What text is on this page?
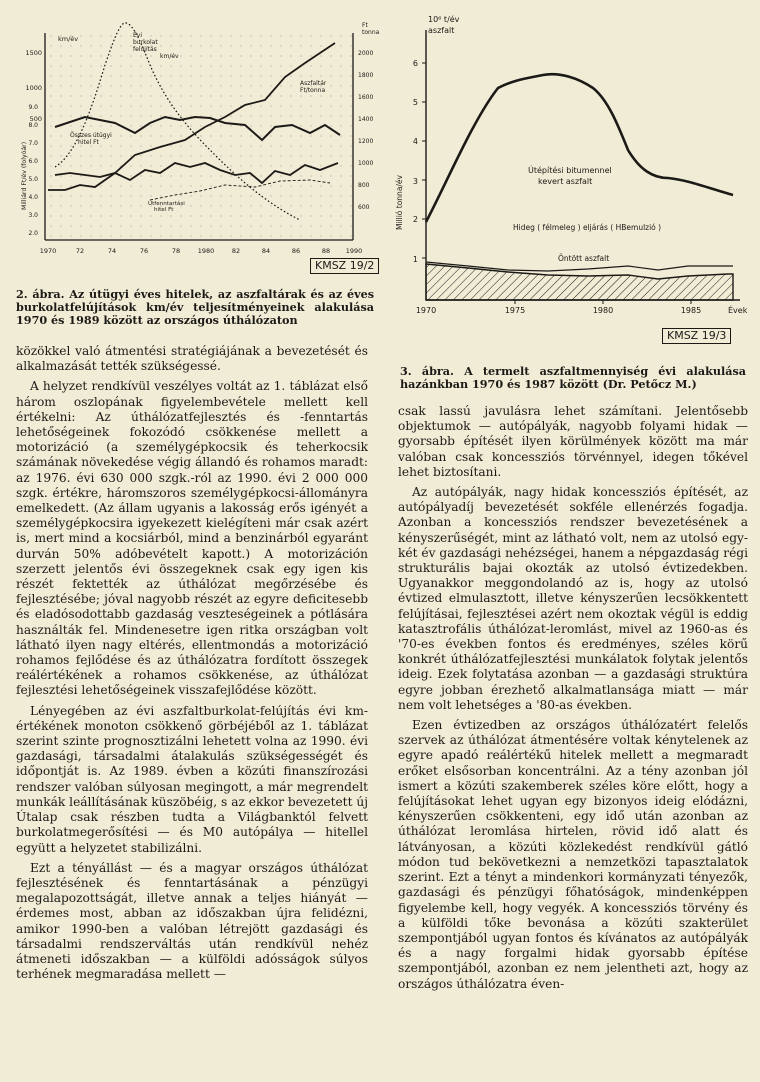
1500
1000
500
9.0
8.0
7.0
6.0
5.0
4.0
3.0
2.0
2000
1800
1600
1400
1200
1000
800
600
1970	72	74	76	78	1980	82	84	86	88 1990
km/év
Ft tonna
Milliárd Ft/év (folyóár)
Évi burkolat felújításkm/év
Aszfaltár Ft/tonna
Összes útügyi hitel Ft
Útfenntartási hitel Ft
KMSZ 19/2
2. ábra. Az útügyi éves hitelek, az aszfaltárak és az éves burkolatfelújítások km/év teljesítményeinek alakulása 1970 és 1989 között az országos úthálózaton
6
5
4
3
2
1
1970	1975	1980	1985	Évek
10⁶ t/év aszfalt
Millió tonna/év
Útépítési bitumennel kevert aszfalt
Hideg ( félmeleg ) eljárás ( HBemulzió )
Öntött aszfalt
KMSZ 19/3
3. ábra. A termelt aszfaltmennyiség évi alakulása hazánkban 1970 és 1987 között (Dr. Petőcz M.)

közökkel való átmentési stratégiájának a bevezetését és alkalmazását tették szükségessé.

A helyzet rendkívül veszélyes voltát az 1. táblázat első három oszlopának figyelembevétele mellett kell értékelni: Az úthálózatfejlesztés és -fenntartás lehetőségeinek fokozódó csökkenése mellett a motorizáció (a személygépkocsik és teherkocsik számának növekedése végig állandó és rohamos maradt: az 1976. évi 630 000 szgk.-ról az 1990. évi 2 000 000 szgk. értékre, háromszoros személygépkocsi-állományra emelkedett. (Az állam ugyanis a lakosság erős igényét a személygépkocsira igyekezett kielégíteni már csak azért is, mert mind a kocsiárból, mind a benzinárból egyaránt durván 50% adóbevételt kapott.) A motorizáción szerzett jelentős évi összegeknek csak egy igen kis részét fektették az úthálózat megőrzésébe és fejlesztésébe; jóval nagyobb részét az egyre deficitesebb és eladósodottabb gazdaság veszteségeinek a pótlására használták fel. Mindenesetre igen ritka országban volt látható ilyen nagy eltérés, ellentmondás a motorizáció rohamos fejlődése és az úthálózatra fordított összegek reálértékének a rohamos csökkenése, az úthálózat fejlesztési lehetőségeinek visszafejlődése között.

Lényegében az évi aszfaltburkolat-felújítás évi km-értékének monoton csökkenő görbéjéből az 1. táblázat szerint szinte prognosztizálni lehetett volna az 1990. évi gazdasági, társadalmi átalakulás szükségességét és időpontját is. Az 1989. évben a közúti finanszírozási rendszer valóban súlyosan megingott, a már megrendelt munkák leállításának küszöbéig, s az ekkor bevezetett új Útalap csak részben tudta a Világbanktól felvett burkolatmegerősítési — és M0 autópálya — hitellel együtt a helyzetet stabilizálni.

Ezt a tényállást — és a magyar országos úthálózat fejlesztésének és fenntartásának a pénzügyi megalapozottságát, illetve annak a teljes hiányát — érdemes most, abban az időszakban újra felidézni, amikor 1990-ben a valóban létrejött gazdasági és társadalmi rendszerváltás után rendkívül nehéz átmeneti időszakban — a külföldi adósságok súlyos terhének megmaradása mellett —

csak lassú javulásra lehet számítani. Jelentősebb objektumok — autópályák, nagyobb folyami hidak — gyorsabb építését ilyen körülmények között ma már valóban csak koncessziós törvénnyel, idegen tőkével lehet biztosítani.

Az autópályák, nagy hidak koncessziós építését, az autópályadíj bevezetését sokféle ellenérzés fogadja. Azonban a koncessziós rendszer bevezetésének a kényszerűségét, mint az látható volt, nem az utolsó egy-két év gazdasági nehézségei, hanem a népgazdaság régi strukturális bajai okozták az utolsó évtizedekben. Ugyanakkor meggondolandó az is, hogy az utolsó évtized elmulasztott, illetve kényszerűen lecsökkentett felújításai, fejlesztései azért nem okoztak végül is eddig katasztrofális úthálózat-leromlást, mivel az 1960-as és '70-es években fontos és eredményes, széles körű konkrét úthálózatfejlesztési munkálatok folytak jelentős ideig. Ezek folytatása azonban — a gazdasági struktúra egyre jobban érezhető alkalmatlansága miatt — már nem volt lehetséges a '80-as években.

Ezen évtizedben az országos úthálózatért felelős szervek az úthálózat átmentésére voltak kénytelenek az egyre apadó reálértékű hitelek mellett a megmaradt erőket elsősorban koncentrálni. Az a tény azonban jól ismert a közúti szakemberek széles köre előtt, hogy a felújításokat lehet ugyan egy bizonyos ideig elódázni, kényszerűen csökkenteni, egy idő után azonban az úthálózat leromlása hirtelen, rövid idő alatt és látványosan, a közúti közlekedést rendkívül gátló módon tud bekövetkezni a nemzetközi tapasztalatok szerint. Ezt a tényt a mindenkori kormányzati tényezők, gazdasági és pénzügyi főhatóságok, mindenképpen figyelembe kell, hogy vegyék. A koncessziós törvény és a külföldi tőke bevonása a közúti szakterület szempontjából ugyan fontos és kívánatos az autópályák és a nagy forgalmi hidak gyorsabb építése szempontjából, azonban ez nem jelentheti azt, hogy az országos úthálózatra éven-
